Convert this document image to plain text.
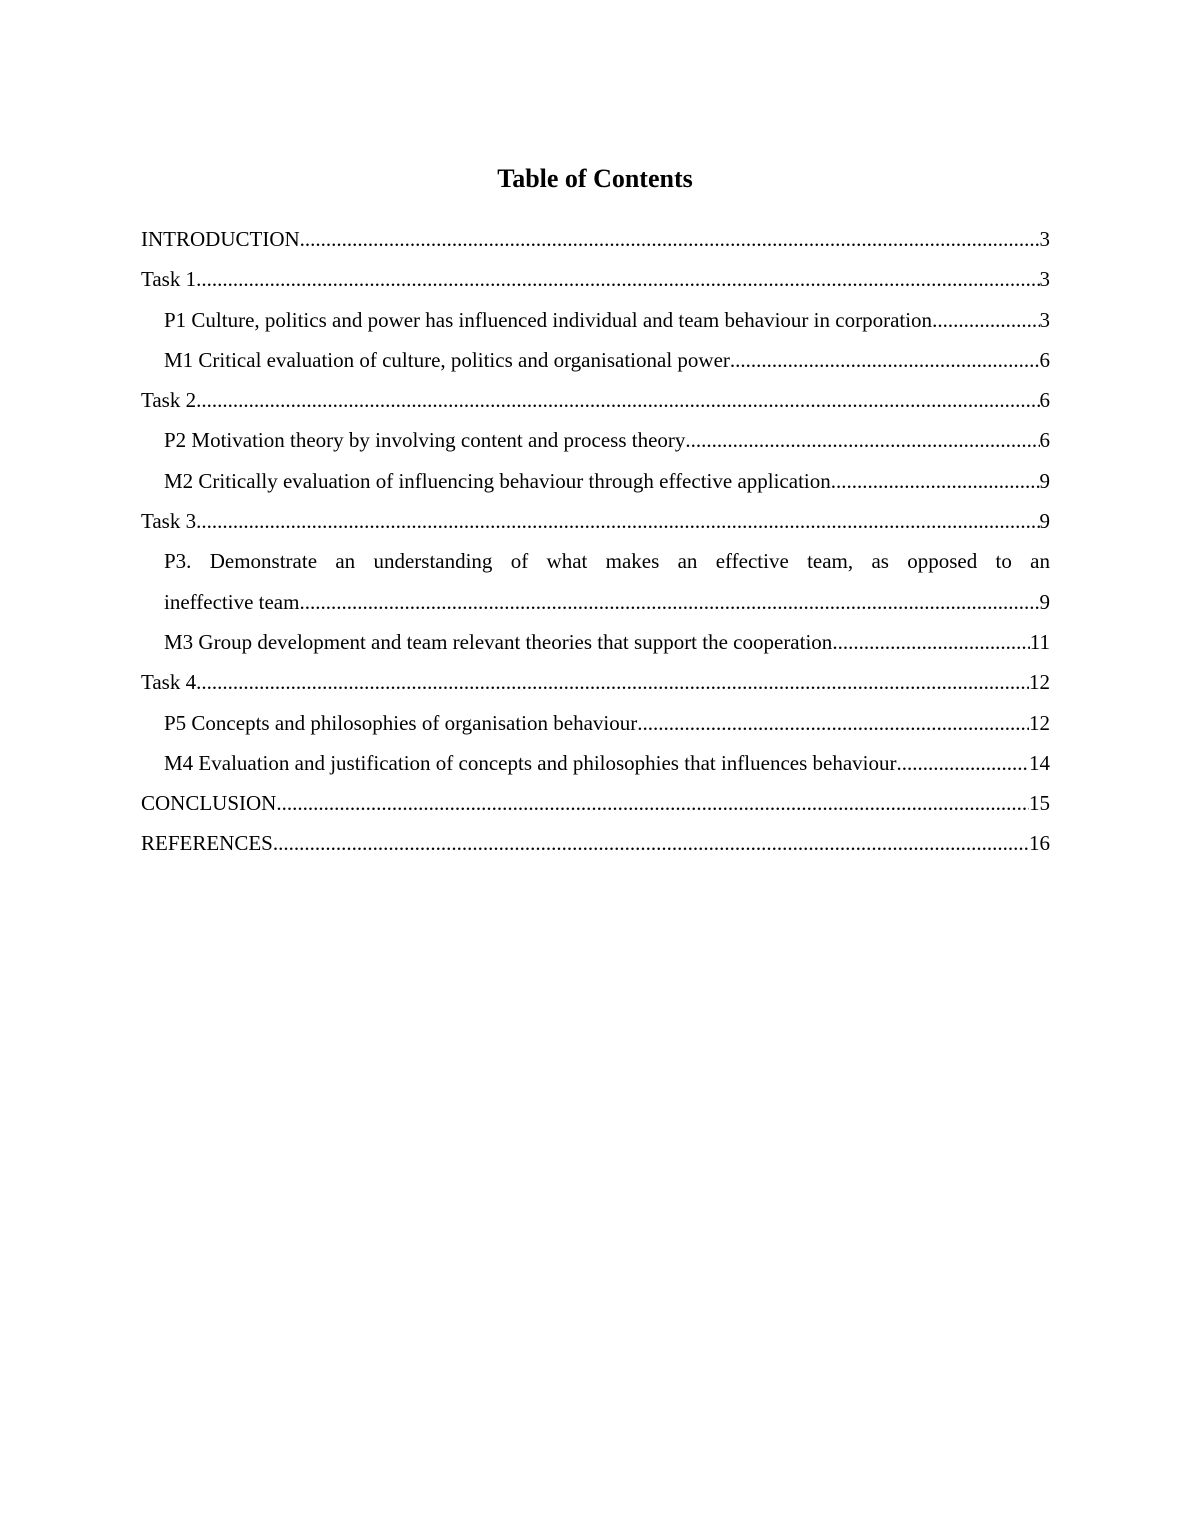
Table of Contents
INTRODUCTION .....	3
Task 1 .....	3
P1 Culture, politics and power has influenced individual and team behaviour in corporation .....	3
M1 Critical evaluation of culture, politics and organisational power .....	6
Task 2 .....	6
P2 Motivation theory by involving content and process theory .....	6
M2 Critically evaluation of influencing behaviour through effective application .....	9
Task 3 .....	9
P3. Demonstrate an understanding of what makes an effective team, as opposed to an
ineffective team .....	9
M3 Group development and team relevant theories that support the cooperation .....	11
Task 4 .....	12
P5 Concepts and philosophies of organisation behaviour .....	12
M4 Evaluation and justification of concepts and philosophies that influences behaviour .....	14
CONCLUSION .....	15
REFERENCES .....	16
